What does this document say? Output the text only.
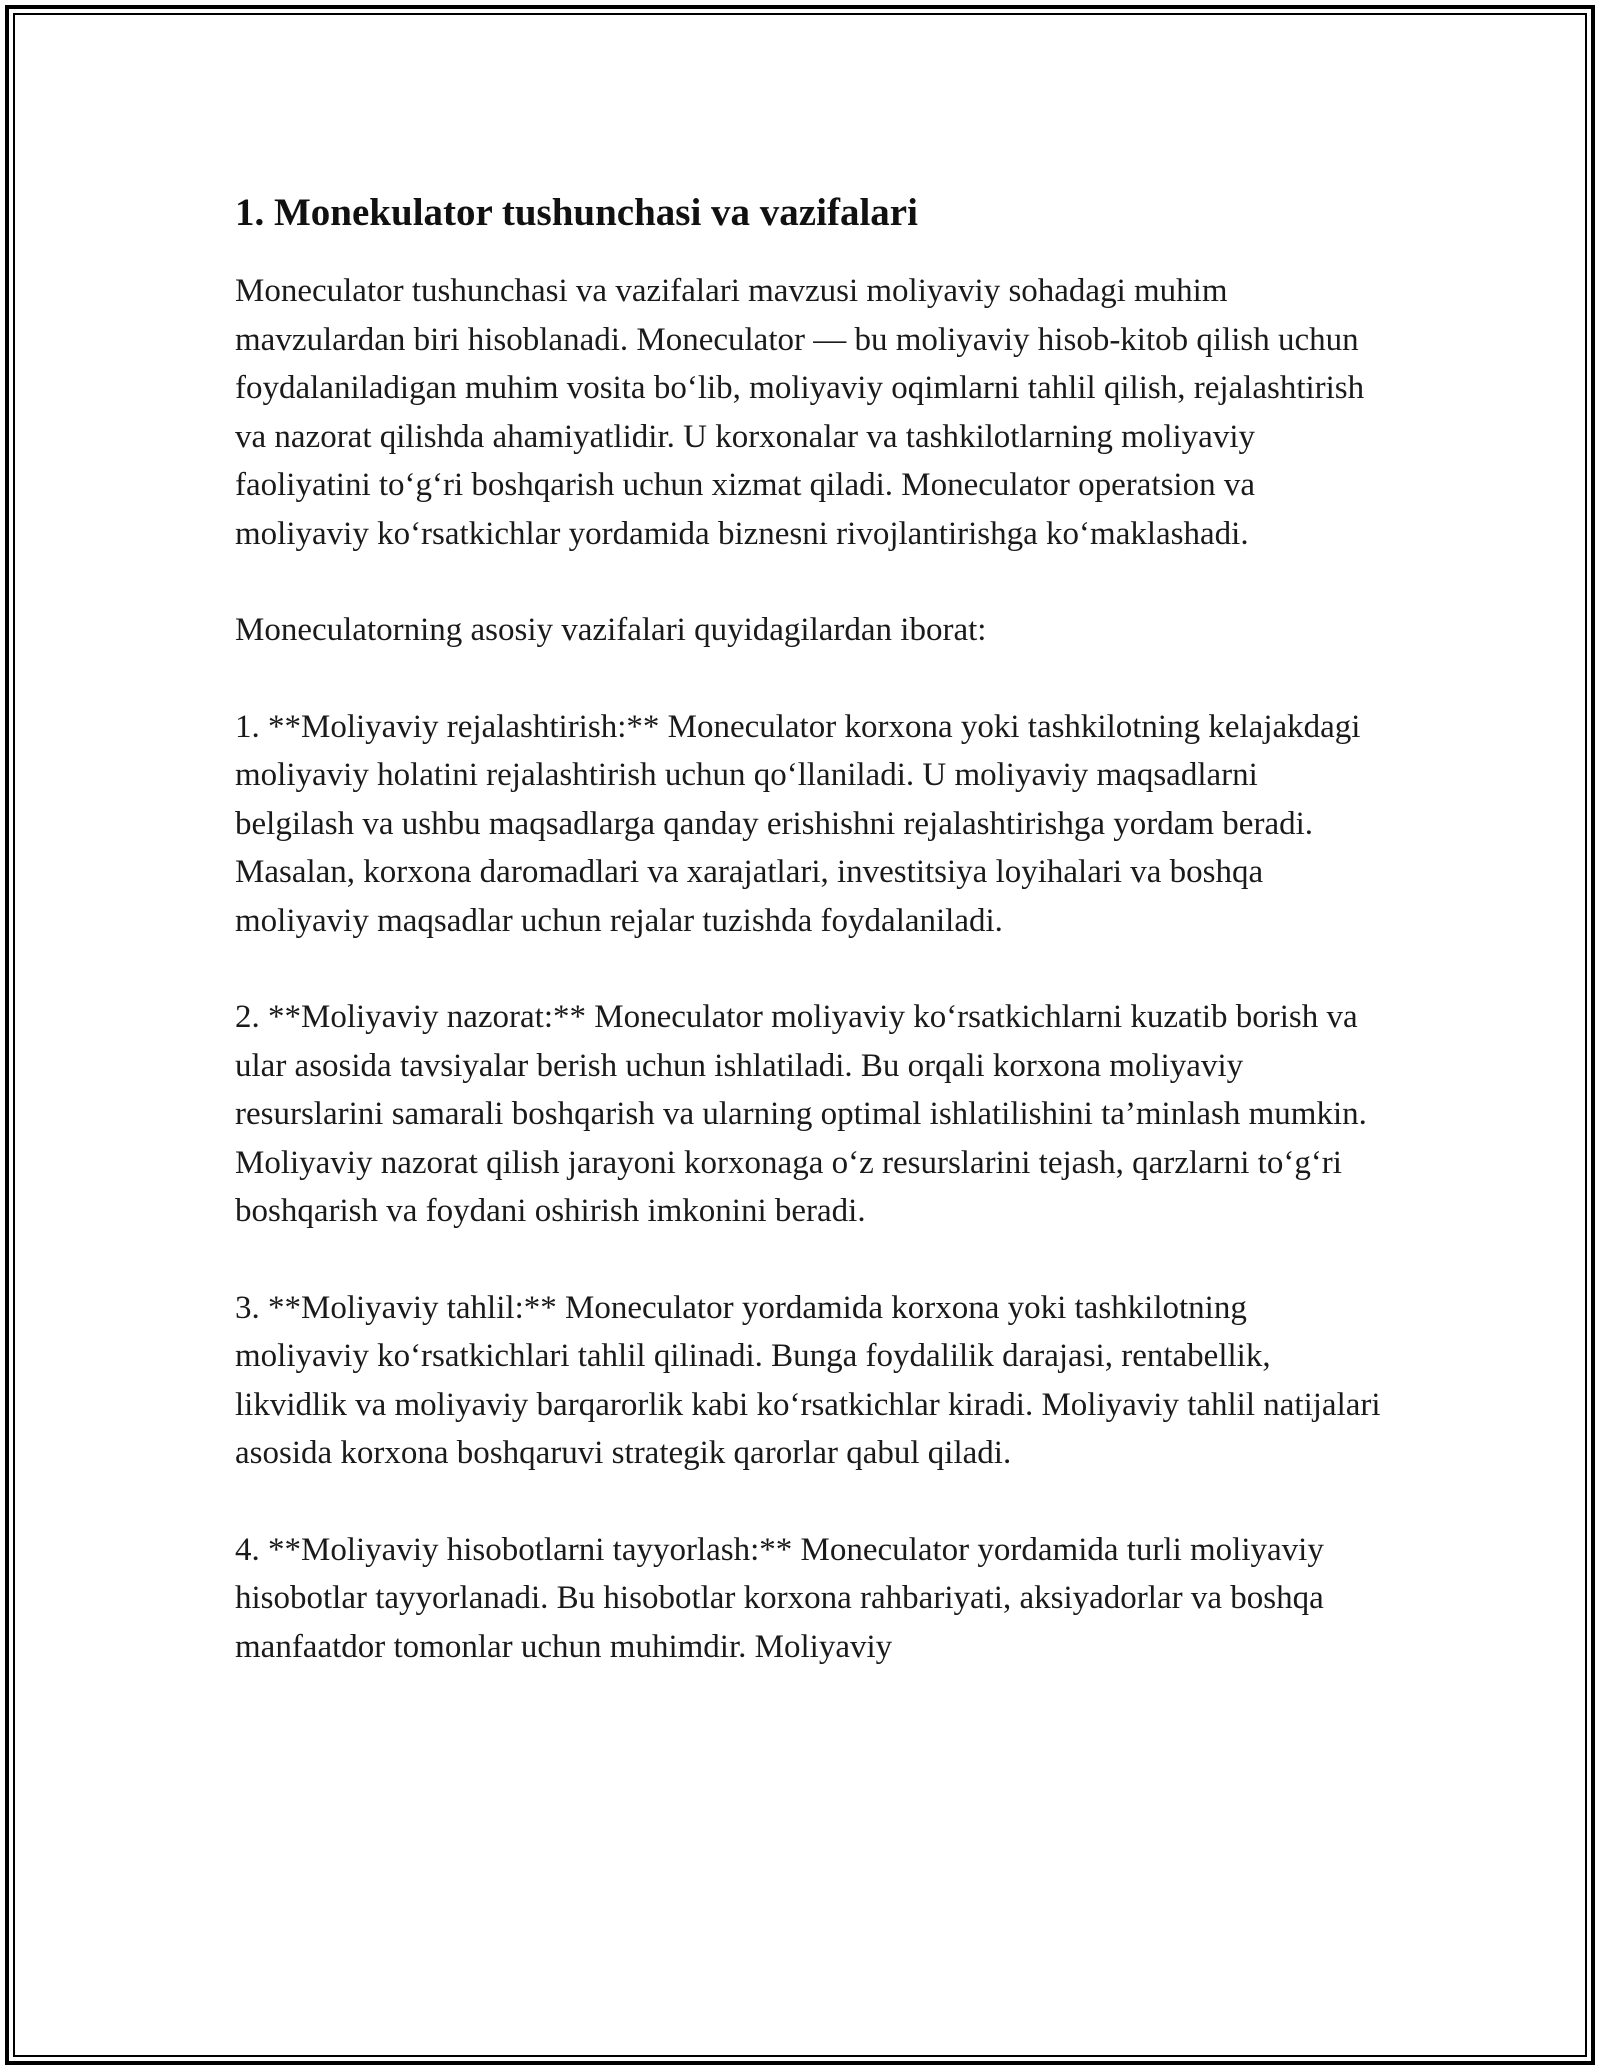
1. Monekulator tushunchasi va vazifalari

Moneculator tushunchasi va vazifalari mavzusi moliyaviy sohadagi muhim mavzulardan biri hisoblanadi. Moneculator — bu moliyaviy hisob-kitob qilish uchun foydalaniladigan muhim vosita bo‘lib, moliyaviy oqimlarni tahlil qilish, rejalashtirish va nazorat qilishda ahamiyatlidir. U korxonalar va tashkilotlarning moliyaviy faoliyatini to‘g‘ri boshqarish uchun xizmat qiladi. Moneculator operatsion va moliyaviy ko‘rsatkichlar yordamida biznesni rivojlantirishga ko‘maklashadi.

Moneculatorning asosiy vazifalari quyidagilardan iborat:

1. **Moliyaviy rejalashtirish:** Moneculator korxona yoki tashkilotning kelajakdagi moliyaviy holatini rejalashtirish uchun qo‘llaniladi. U moliyaviy maqsadlarni belgilash va ushbu maqsadlarga qanday erishishni rejalashtirishga yordam beradi. Masalan, korxona daromadlari va xarajatlari, investitsiya loyihalari va boshqa moliyaviy maqsadlar uchun rejalar tuzishda foydalaniladi.

2. **Moliyaviy nazorat:** Moneculator moliyaviy ko‘rsatkichlarni kuzatib borish va ular asosida tavsiyalar berish uchun ishlatiladi. Bu orqali korxona moliyaviy resurslarini samarali boshqarish va ularning optimal ishlatilishini ta’minlash mumkin. Moliyaviy nazorat qilish jarayoni korxonaga o‘z resurslarini tejash, qarzlarni to‘g‘ri boshqarish va foydani oshirish imkonini beradi.

3. **Moliyaviy tahlil:** Moneculator yordamida korxona yoki tashkilotning moliyaviy ko‘rsatkichlari tahlil qilinadi. Bunga foydalilik darajasi, rentabellik, likvidlik va moliyaviy barqarorlik kabi ko‘rsatkichlar kiradi. Moliyaviy tahlil natijalari asosida korxona boshqaruvi strategik qarorlar qabul qiladi.

4. **Moliyaviy hisobotlarni tayyorlash:** Moneculator yordamida turli moliyaviy hisobotlar tayyorlanadi. Bu hisobotlar korxona rahbariyati, aksiyadorlar va boshqa manfaatdor tomonlar uchun muhimdir. Moliyaviy
